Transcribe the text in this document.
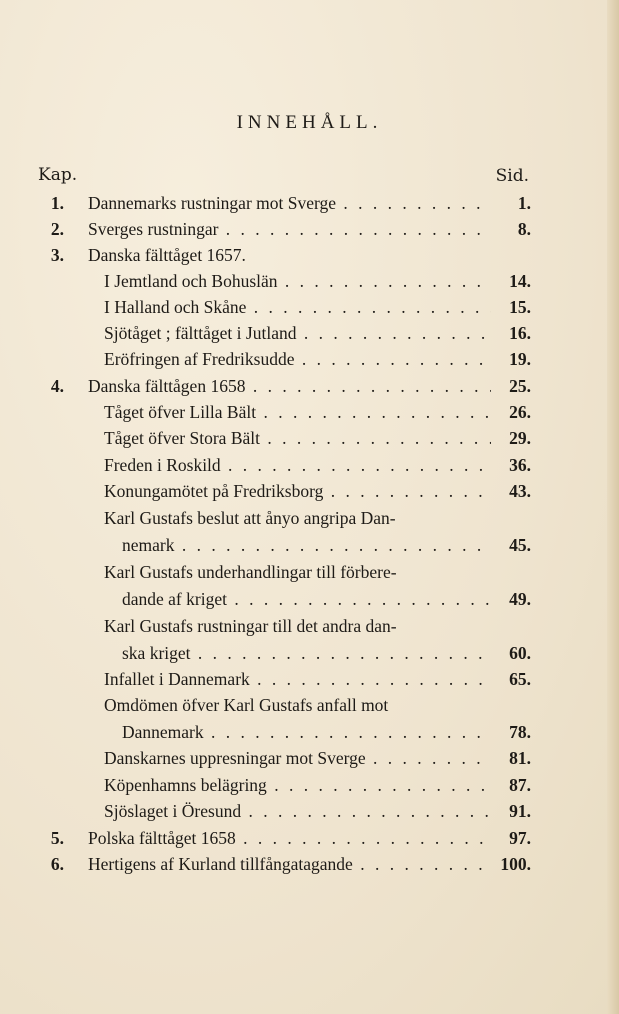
INNEHÅLL.
Kap.	Sid.
1. Dannemarks rustningar mot Sverge . . .	1.
2. Sverges rustningar . . .	8.
3. Danska fälttåget 1657.
I Jemtland och Bohuslän . . .	14.
I Halland och Skåne . . .	15.
Sjötåget ; fälttåget i Jutland . . .	16.
Eröfringen af Fredriksudde . . .	19.
4. Danska fälttågen 1658 . . .	25.
Tåget öfver Lilla Bält . . .	26.
Tåget öfver Stora Bält . . .	29.
Freden i Roskild . . .	36.
Konungamötet på Fredriksborg . . .	43.
Karl Gustafs beslut att ånyo angripa Dan-
nemark . . .	45.
Karl Gustafs underhandlingar till förbere-
dande af kriget . . .	49.
Karl Gustafs rustningar till det andra dan-
ska kriget . . .	60.
Infallet i Dannemark . . .	65.
Omdömen öfver Karl Gustafs anfall mot
Dannemark . . .	78.
Danskarnes uppresningar mot Sverge . . .	81.
Köpenhamns belägring . . .	87.
Sjöslaget i Öresund . . .	91.
5. Polska fälttåget 1658 . . .	97.
6. Hertigens af Kurland tillfångatagande . . .	100.
